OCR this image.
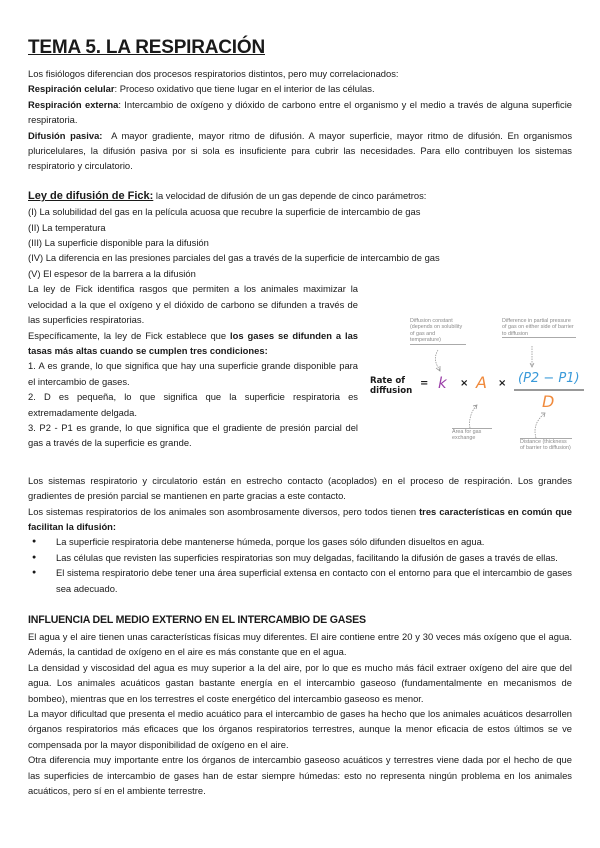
TEMA 5. LA RESPIRACIÓN

Los fisiólogos diferencian dos procesos respiratorios distintos, pero muy correlacionados:

Respiración celular: Proceso oxidativo que tiene lugar en el interior de las células.

Respiración externa: Intercambio de oxígeno y dióxido de carbono entre el organismo y el medio a través de alguna superficie respiratoria.

Difusión pasiva:  A mayor gradiente, mayor ritmo de difusión. A mayor superficie, mayor ritmo de difusión. En organismos pluricelulares, la difusión pasiva por si sola es insuficiente para cubrir las necesidades. Para ello contribuyen los sistemas respiratorio y circulatorio.

Ley de difusión de Fick: la velocidad de difusión de un gas depende de cinco parámetros:

(I) La solubilidad del gas en la película acuosa que recubre la superficie de intercambio de gas

(II) La temperatura

(III) La superficie disponible para la difusión

(IV) La diferencia en las presiones parciales del gas a través de la superficie de intercambio de gas

(V) El espesor de la barrera a la difusión

La ley de Fick identifica rasgos que permiten a los animales maximizar la velocidad a la que el oxígeno y el dióxido de carbono se difunden a través de las superficies respiratorias.

Específicamente, la ley de Fick establece que los gases se difunden a las tasas más altas cuando se cumplen tres condiciones:

1. A es grande, lo que significa que hay una superficie grande disponible para el intercambio de gases.

2. D es pequeña, lo que significa que la superficie respiratoria es extremadamente delgada.

3. P2 - P1 es grande, lo que significa que el gradiente de presión parcial del gas a través de la superficie es grande.

Diffusion constant (depends on solubility of gas and temperature)
Difference in partial pressure of gas on either side of barrier to diffusion
Rate of diffusion
= k × A × (P2 − P1)
D
Area for gas exchange
Distance (thickness of barrier to diffusion)

Los sistemas respiratorio y circulatorio están en estrecho contacto (acoplados) en el proceso de respiración. Los grandes gradientes de presión parcial se mantienen en parte gracias a este contacto.

Los sistemas respiratorios de los animales son asombrosamente diversos, pero todos tienen tres características en común que facilitan la difusión:

● La superficie respiratoria debe mantenerse húmeda, porque los gases sólo difunden disueltos en agua.
● Las células que revisten las superficies respiratorias son muy delgadas, facilitando la difusión de gases a través de ellas.
● El sistema respiratorio debe tener una área superficial extensa en contacto con el entorno para que el intercambio de gases sea adecuado.
INFLUENCIA DEL MEDIO EXTERNO EN EL INTERCAMBIO DE GASES

El agua y el aire tienen unas características físicas muy diferentes. El aire contiene entre 20 y 30 veces más oxígeno que el agua. Además, la cantidad de oxígeno en el aire es más constante que en el agua.

La densidad y viscosidad del agua es muy superior a la del aire, por lo que es mucho más fácil extraer oxígeno del aire que del agua. Los animales acuáticos gastan bastante energía en el intercambio gaseoso (fundamentalmente en mecanismos de bombeo), mientras que en los terrestres el coste energético del intercambio gaseoso es menor.

La mayor dificultad que presenta el medio acuático para el intercambio de gases ha hecho que los animales acuáticos desarrollen órganos respiratorios más eficaces que los órganos respiratorios terrestres, aunque la menor eficacia de estos últimos se ve compensada por la mayor disponibilidad de oxígeno en el aire.

Otra diferencia muy importante entre los órganos de intercambio gaseoso acuáticos y terrestres viene dada por el hecho de que las superficies de intercambio de gases han de estar siempre húmedas: esto no representa ningún problema en los animales acuáticos, pero sí en el ambiente terrestre.
